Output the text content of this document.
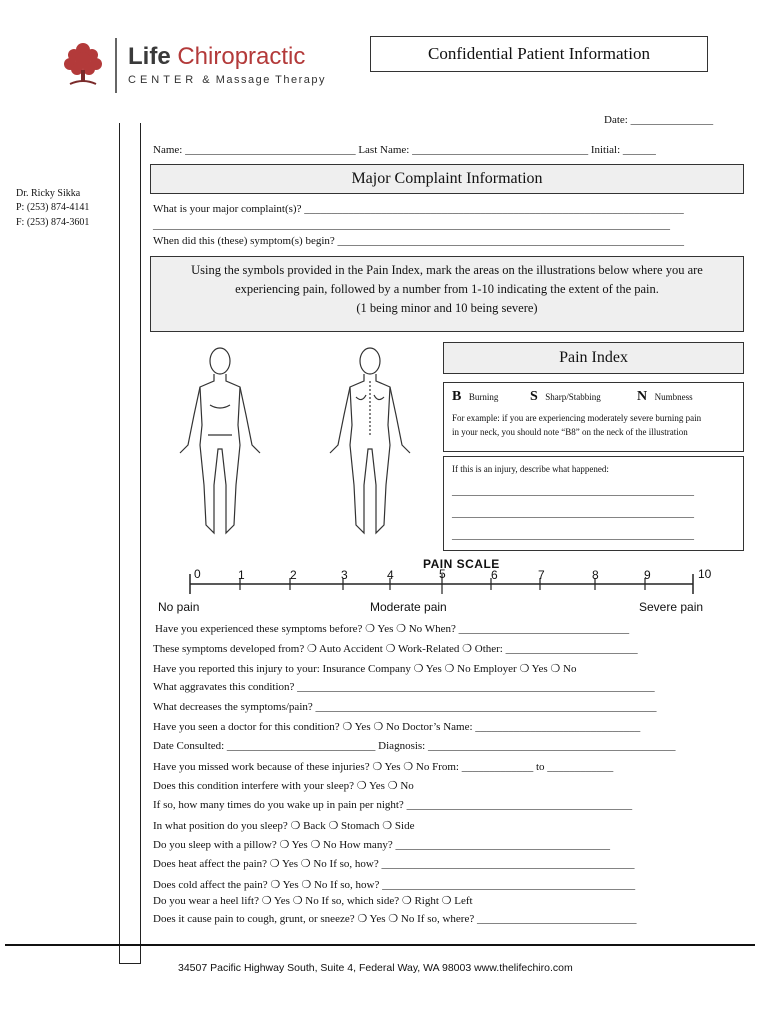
Life Chiropractic
CENTER & Massage Therapy
Confidential Patient Information
Dr. Ricky Sikka
P: (253) 874-4141
F: (253) 874-3601
Date: _______________
Name: _______________________________ Last Name: ________________________________ Initial: ______
Major Complaint Information
What is your major complaint(s)? _____________________________________________________________________
______________________________________________________________________________________________
When did this (these) symptom(s) begin? _______________________________________________________________
Using the symbols provided in the Pain Index, mark the areas on the illustrations below where you are
experiencing pain, followed by a number from 1-10 indicating the extent of the pain.
(1 being minor and 10 being severe)
Pain Index
B Burning S Sharp/Stabbing	N Numbness
For example: if you are experiencing moderately severe burning pain
in your neck, you should note “B8” on the neck of the illustration
If this is an injury, describe what happened:
____________________________________________
____________________________________________
____________________________________________
PAIN SCALE
0	1	2	3	4	5	6	7	8	9	10
No pain	Moderate pain	Severe pain
Have you experienced these symptoms before? ❍ Yes ❍ No When? _______________________________
These symptoms developed from? ❍ Auto Accident ❍ Work-Related ❍ Other: ________________________
Have you reported this injury to your: Insurance Company ❍ Yes ❍ No Employer ❍ Yes ❍ No
What aggravates this condition? _________________________________________________________________
What decreases the symptoms/pain? ______________________________________________________________
Have you seen a doctor for this condition? ❍ Yes ❍ No Doctor’s Name: ______________________________
Date Consulted: ___________________________ Diagnosis: _____________________________________________
Have you missed work because of these injuries? ❍ Yes ❍ No From: _____________ to ____________
Does this condition interfere with your sleep? ❍ Yes ❍ No
If so, how many times do you wake up in pain per night? _________________________________________
In what position do you sleep? ❍ Back ❍ Stomach ❍ Side
Do you sleep with a pillow? ❍ Yes ❍ No How many? _______________________________________
Does heat affect the pain? ❍ Yes ❍ No If so, how? ______________________________________________
Does cold affect the pain? ❍ Yes ❍ No If so, how? ______________________________________________
Do you wear a heel lift? ❍ Yes ❍ No If so, which side? ❍ Right ❍ Left
Does it cause pain to cough, grunt, or sneeze? ❍ Yes ❍ No If so, where? _____________________________
34507 Pacific Highway South, Suite 4, Federal Way, WA 98003 www.thelifechiro.com
